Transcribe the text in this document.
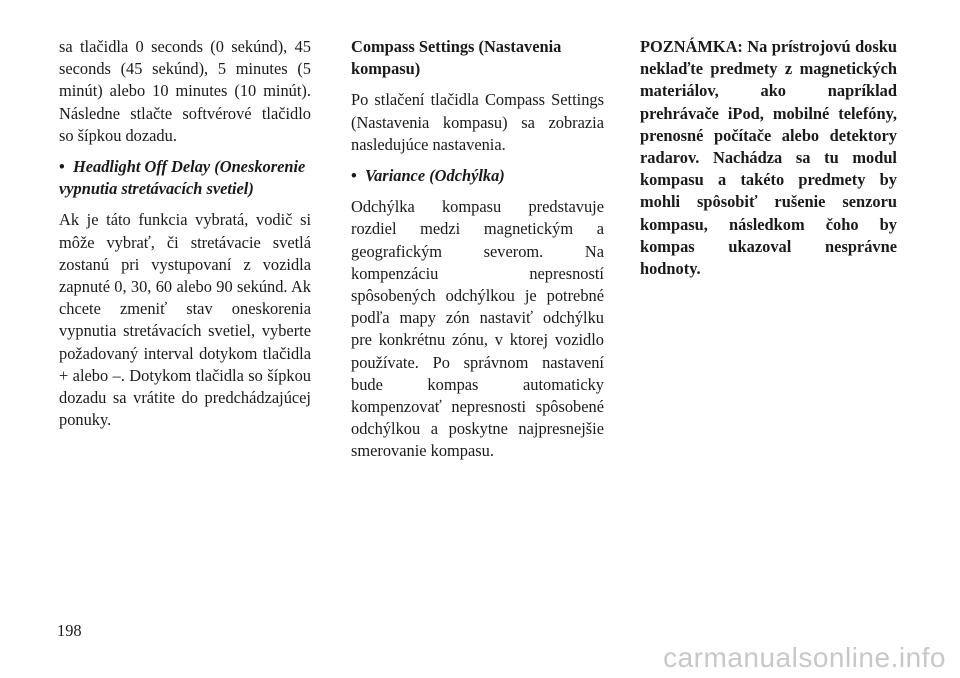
sa tlačidla 0 seconds (0 sekúnd), 45 seconds (45 sekúnd), 5 minutes (5 minút) alebo 10 minutes (10 minút). Následne stlačte softvérové tlačidlo so šípkou dozadu.

• Headlight Off Delay (Oneskorenie vypnutia stretávacích svetiel)

Ak je táto funkcia vybratá, vodič si môže vybrať, či stretávacie svetlá zostanú pri vystupovaní z vozidla zapnuté 0, 30, 60 alebo 90 sekúnd. Ak chcete zmeniť stav oneskorenia vypnutia stretávacích svetiel, vyberte požadovaný interval dotykom tlačidla + alebo –. Dotykom tlačidla so šípkou dozadu sa vrátite do predchádzajúcej ponuky.

Compass Settings (Nastavenia kompasu)

Po stlačení tlačidla Compass Settings (Nastavenia kompasu) sa zobrazia nasledujúce nastavenia.

• Variance (Odchýlka)

Odchýlka kompasu predstavuje rozdiel medzi magnetickým a geografickým severom. Na kompenzáciu nepresností spôsobených odchýlkou je potrebné podľa mapy zón nastaviť odchýlku pre konkrétnu zónu, v ktorej vozidlo používate. Po správnom nastavení bude kompas automaticky kompenzovať nepresnosti spôsobené odchýlkou a poskytne najpresnejšie smerovanie kompasu.

POZNÁMKA: Na prístrojovú dosku neklaďte predmety z magnetických materiálov, ako napríklad prehrávače iPod, mobilné telefóny, prenosné počítače alebo detektory radarov. Nachádza sa tu modul kompasu a takéto predmety by mohli spôsobiť rušenie senzoru kompasu, následkom čoho by kompas ukazoval nesprávne hodnoty.

198
carmanualsonline.info
